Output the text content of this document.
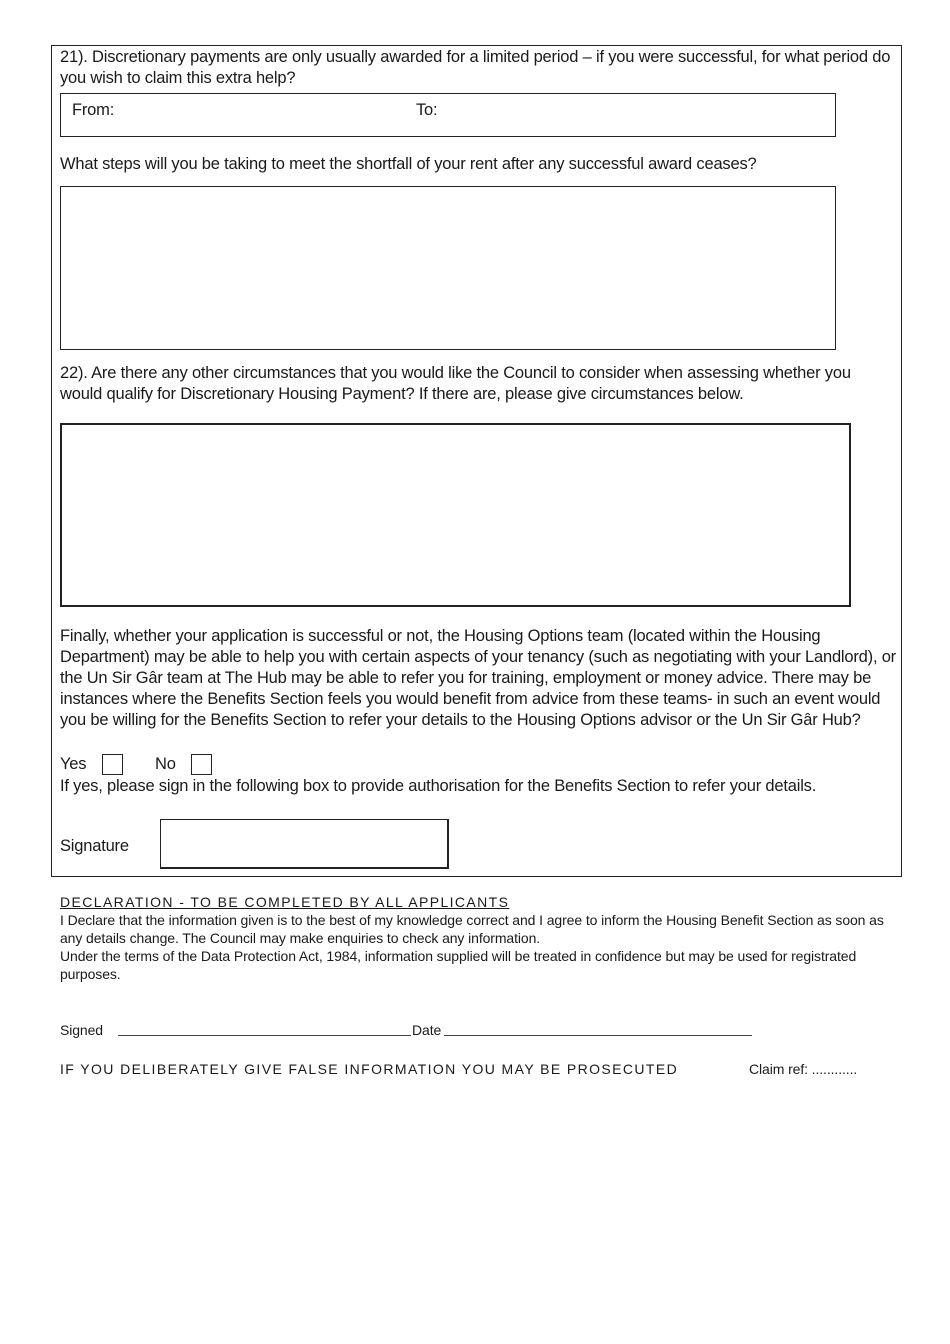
21). Discretionary payments are only usually awarded for a limited period – if you were successful, for what period do you wish to claim this extra help?
From:	To:
What steps will you be taking to meet the shortfall of your rent after any successful award ceases?
22). Are there any other circumstances that you would like the Council to consider when assessing whether you would qualify for Discretionary Housing Payment? If there are, please give circumstances below.
Finally, whether your application is successful or not, the Housing Options team (located within the Housing Department) may be able to help you with certain aspects of your tenancy (such as negotiating with your Landlord), or the Un Sir Gâr team at The Hub may be able to refer you for training, employment or money advice. There may be instances where the Benefits Section feels you would benefit from advice from these teams- in such an event would you be willing for the Benefits Section to refer your details to the Housing Options advisor or the Un Sir Gâr Hub?
Yes	No
If yes, please sign in the following box to provide authorisation for the Benefits Section to refer your details.
Signature
DECLARATION - TO BE COMPLETED BY ALL APPLICANTS
I Declare that the information given is to the best of my knowledge correct and I agree to inform the Housing Benefit Section as soon as any details change. The Council may make enquiries to check any information.
Under the terms of the Data Protection Act, 1984, information supplied will be treated in confidence but may be used for registrated purposes.
Signed	Date
IF YOU DELIBERATELY GIVE FALSE INFORMATION YOU MAY BE PROSECUTED	Claim ref: ............
